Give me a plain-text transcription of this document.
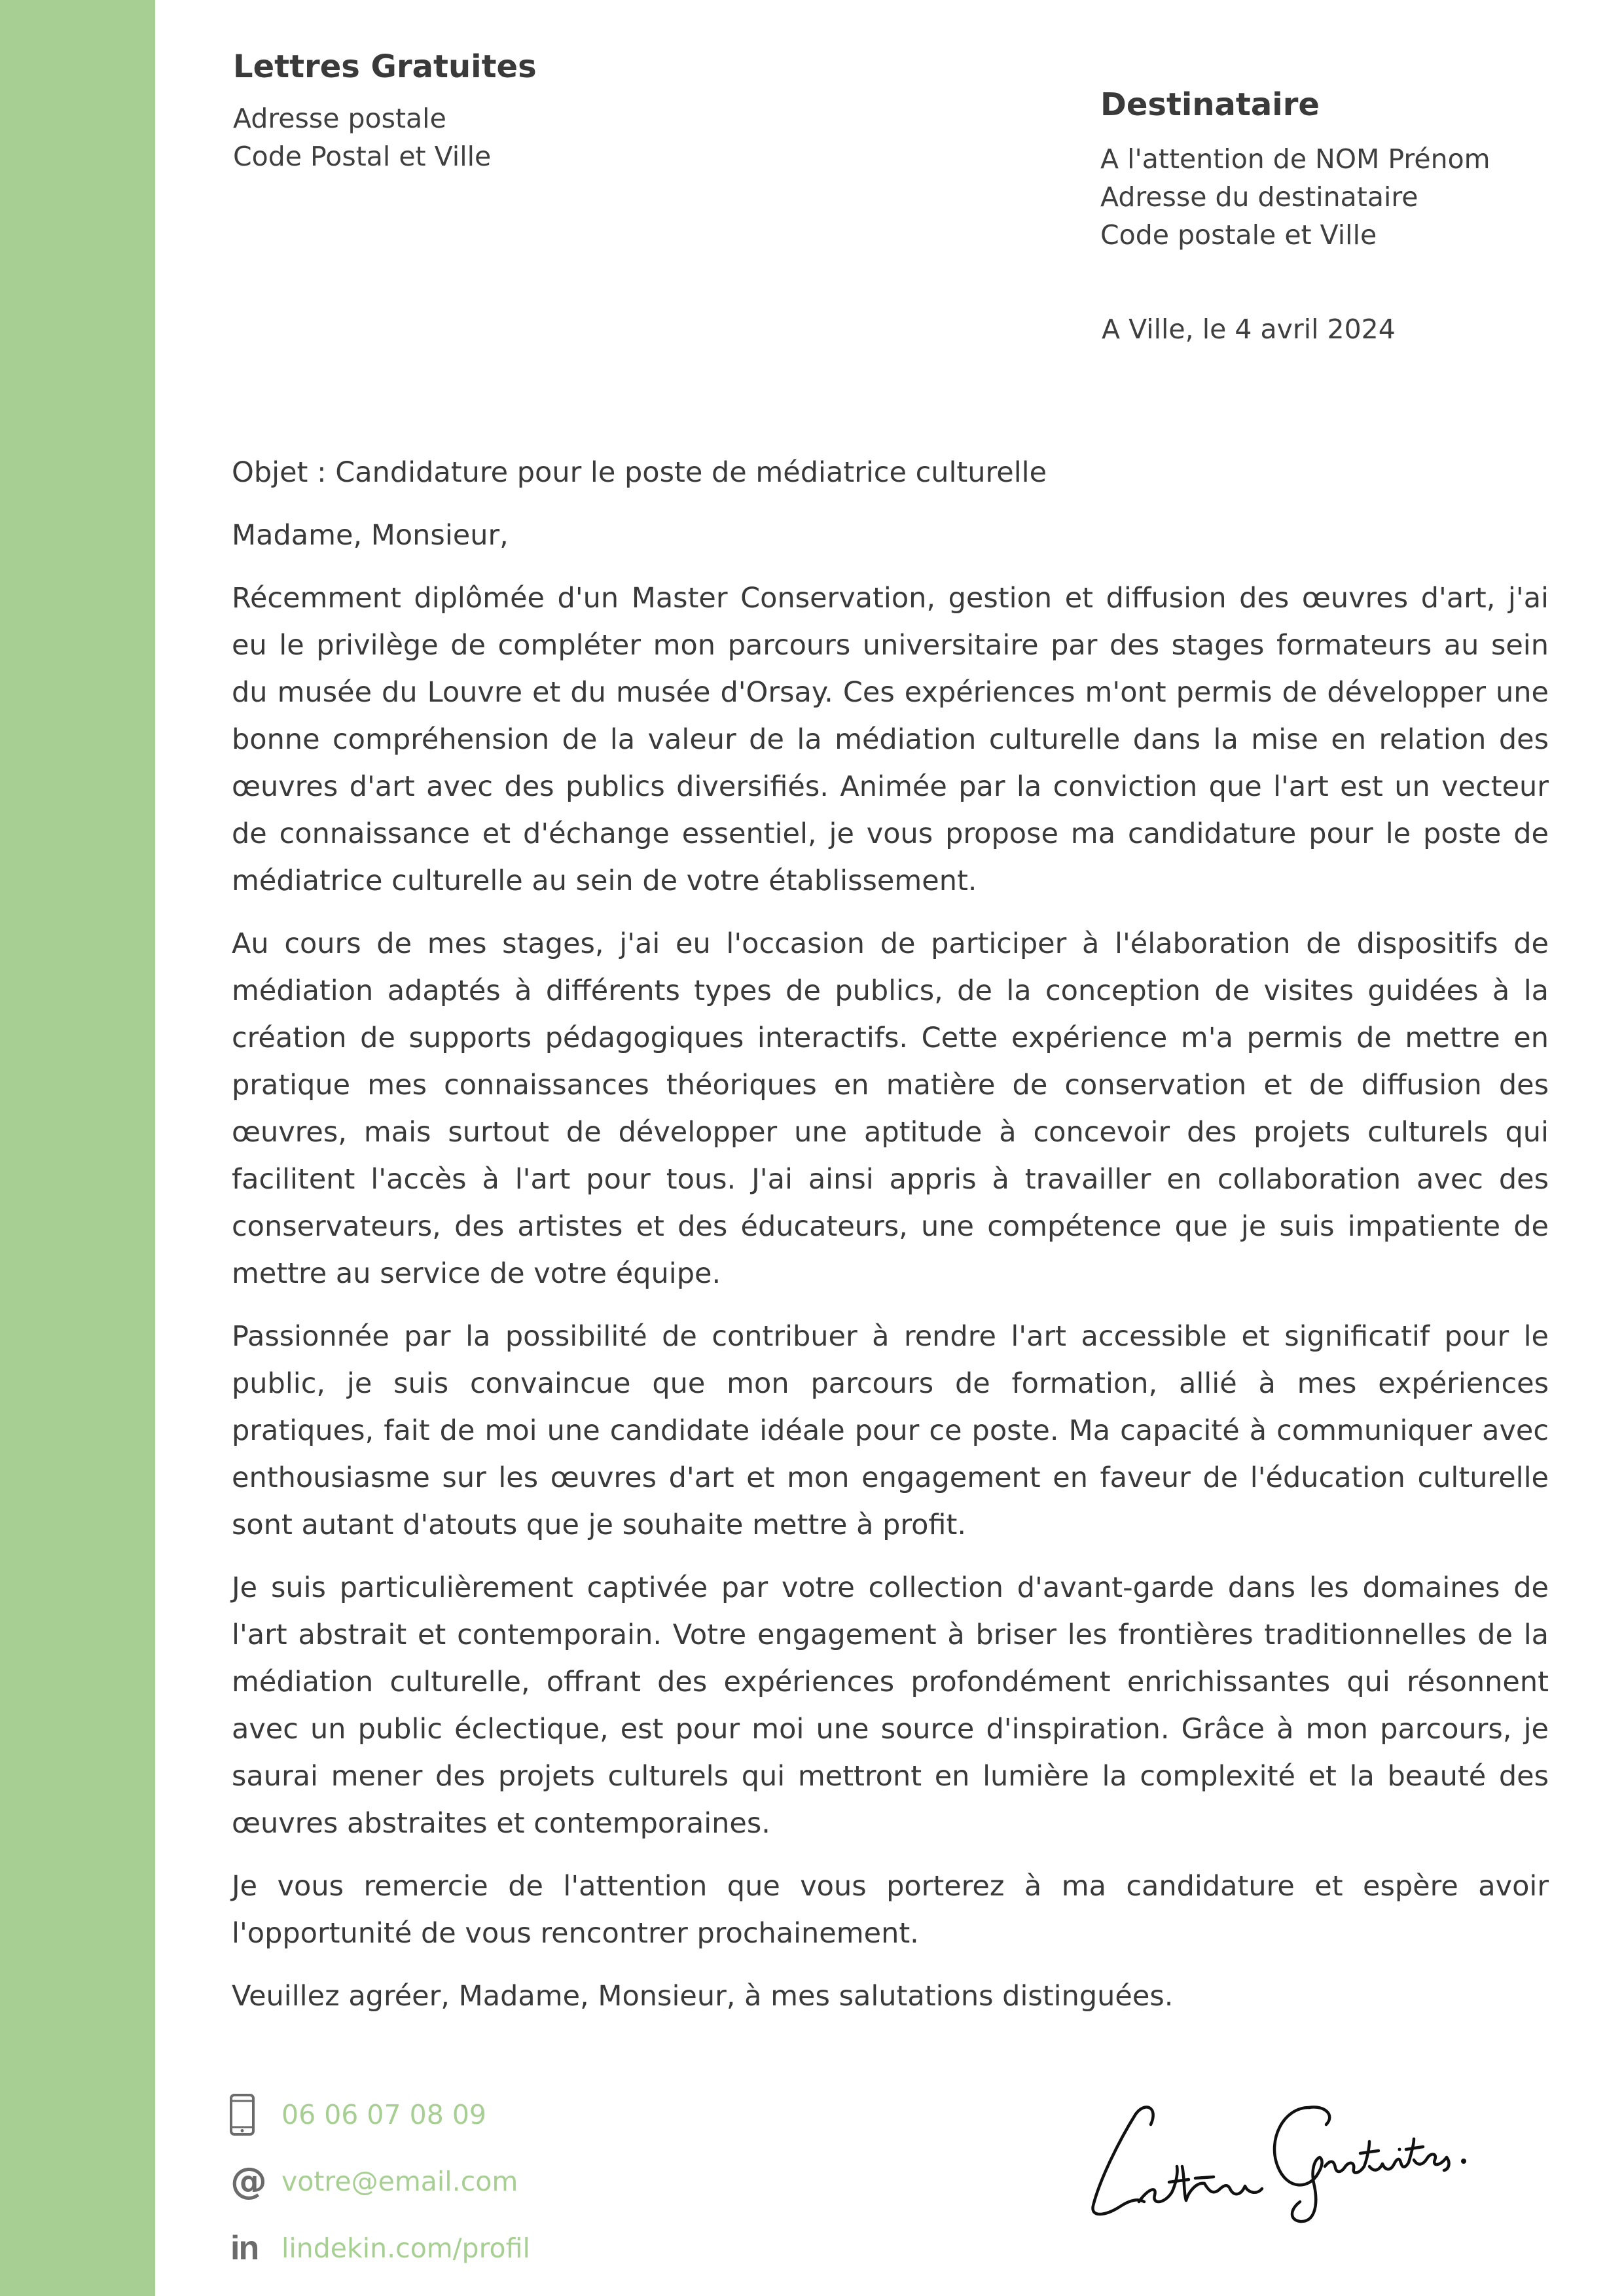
Lettres Gratuites
Adresse postale
Code Postal et Ville
Destinataire
A l'attention de NOM Prénom
Adresse du destinataire
Code postale et Ville
A Ville, le 4 avril 2024

Objet : Candidature pour le poste de médiatrice culturelle

Madame, Monsieur,

Récemment diplômée d'un Master Conservation, gestion et diffusion des œuvres d'art, j'ai eu le privilège de compléter mon parcours universitaire par des stages formateurs au sein du musée du Louvre et du musée d'Orsay. Ces expériences m'ont permis de développer une bonne compréhension de la valeur de la médiation culturelle dans la mise en relation des œuvres d'art avec des publics diversifiés. Animée par la conviction que l'art est un vecteur de connaissance et d'échange essentiel, je vous propose ma candidature pour le poste de médiatrice culturelle au sein de votre établissement.

Au cours de mes stages, j'ai eu l'occasion de participer à l'élaboration de dispositifs de médiation adaptés à différents types de publics, de la conception de visites guidées à la création de supports pédagogiques interactifs. Cette expérience m'a permis de mettre en pratique mes connaissances théoriques en matière de conservation et de diffusion des œuvres, mais surtout de développer une aptitude à concevoir des projets culturels qui facilitent l'accès à l'art pour tous. J'ai ainsi appris à travailler en collaboration avec des conservateurs, des artistes et des éducateurs, une compétence que je suis impatiente de mettre au service de votre équipe.

Passionnée par la possibilité de contribuer à rendre l'art accessible et significatif pour le public, je suis convaincue que mon parcours de formation, allié à mes expériences pratiques, fait de moi une candidate idéale pour ce poste. Ma capacité à communiquer avec enthousiasme sur les œuvres d'art et mon engagement en faveur de l'éducation culturelle sont autant d'atouts que je souhaite mettre à profit.

Je suis particulièrement captivée par votre collection d'avant-garde dans les domaines de l'art abstrait et contemporain. Votre engagement à briser les frontières traditionnelles de la médiation culturelle, offrant des expériences profondément enrichissantes qui résonnent avec un public éclectique, est pour moi une source d'inspiration. Grâce à mon parcours, je saurai mener des projets culturels qui mettront en lumière la complexité et la beauté des œuvres abstraites et contemporaines.

Je vous remercie de l'attention que vous porterez à ma candidature et espère avoir l'opportunité de vous rencontrer prochainement.

Veuillez agréer, Madame, Monsieur, à mes salutations distinguées.

06 06 07 08 09
@ votre@email.com
in lindekin.com/profil
